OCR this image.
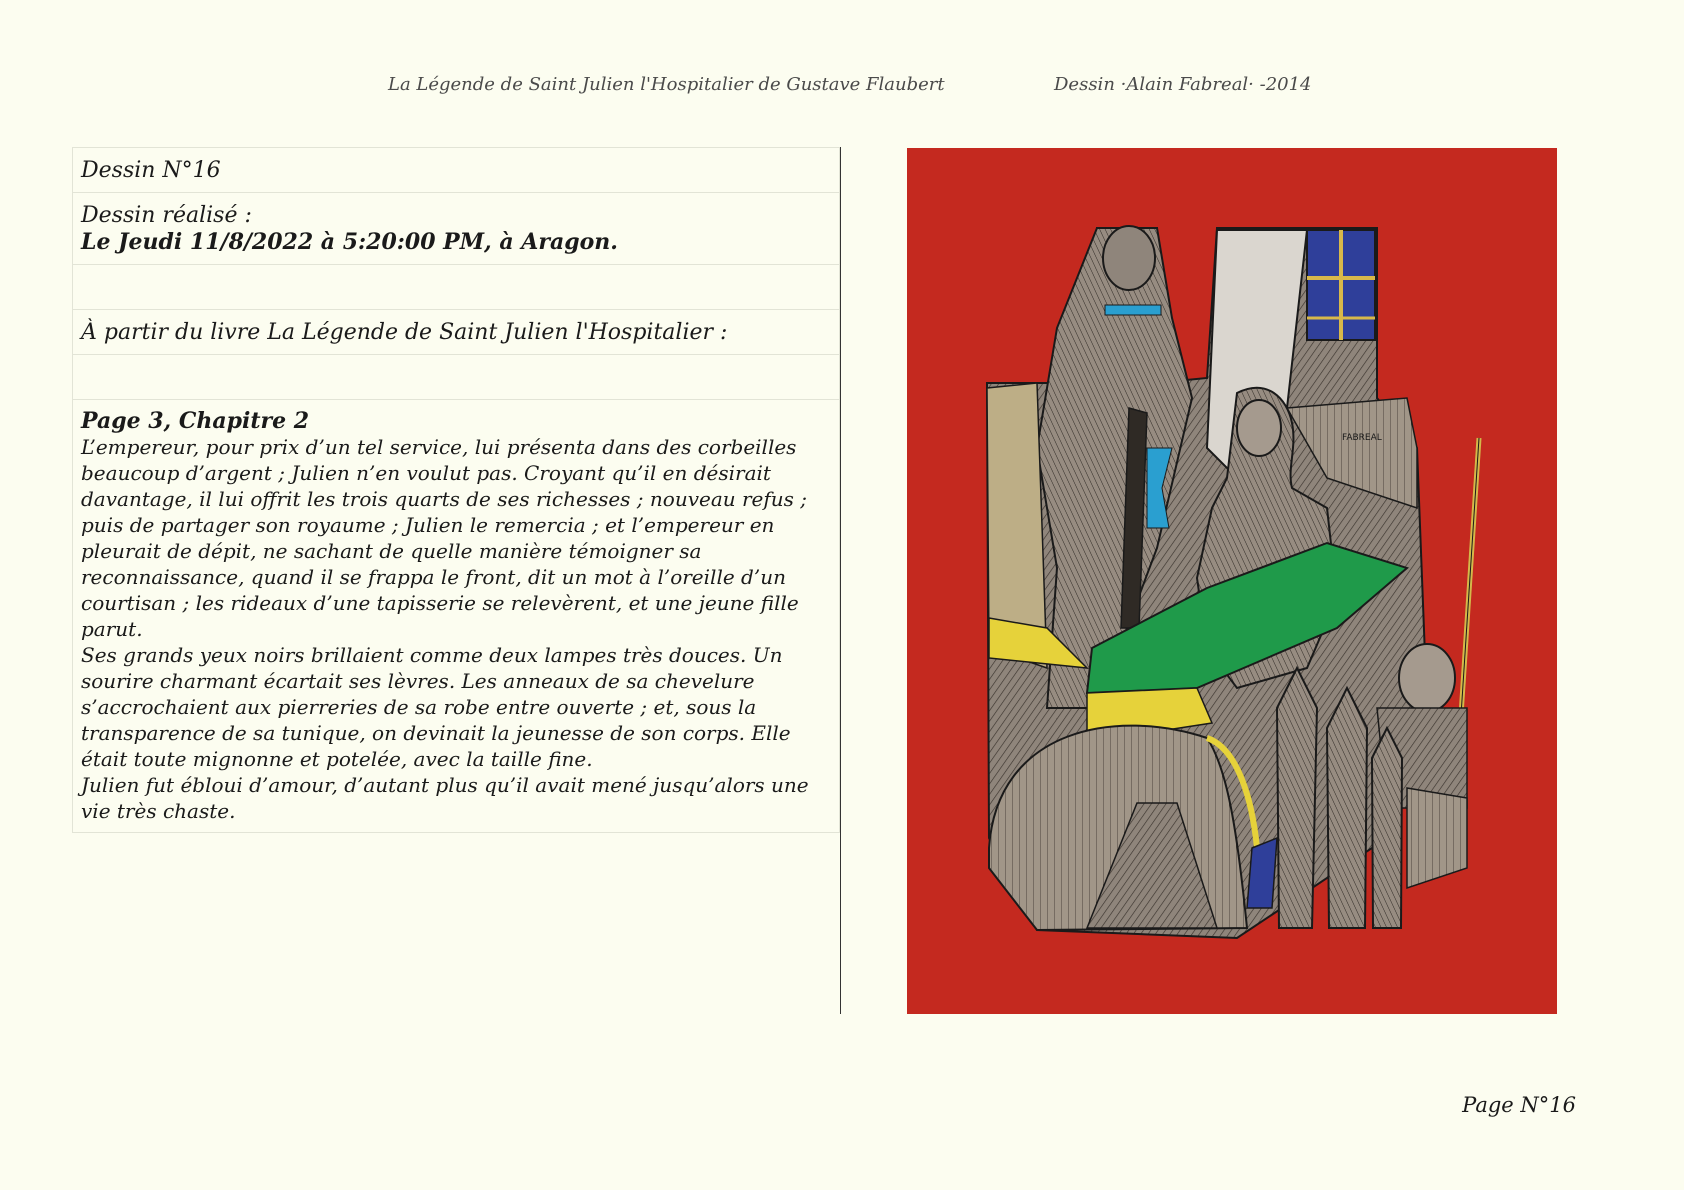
La Légende de Saint Julien l'Hospitalier de Gustave Flaubert	Dessin ·Alain Fabreal· -2014
Dessin N°16
Dessin réalisé :
Le Jeudi 11/8/2022 à 5:20:00 PM, à Aragon.
À partir du livre La Légende de Saint Julien l'Hospitalier :
Page 3, Chapitre 2

L’empereur, pour prix d’un tel service, lui présenta dans des corbeilles beaucoup d’argent ; Julien n’en voulut pas. Croyant qu’il en désirait davantage, il lui offrit les trois quarts de ses richesses ; nouveau refus ; puis de partager son royaume ; Julien le remercia ; et l’empereur en pleurait de dépit, ne sachant de quelle manière témoigner sa reconnaissance, quand il se frappa le front, dit un mot à l’oreille d’un courtisan ; les rideaux d’une tapisserie se relevèrent, et une jeune fille parut.

Ses grands yeux noirs brillaient comme deux lampes très douces. Un sourire charmant écartait ses lèvres. Les anneaux de sa chevelure s’accrochaient aux pierreries de sa robe entre ouverte ; et, sous la transparence de sa tunique, on devinait la jeunesse de son corps. Elle était toute mignonne et potelée, avec la taille fine.

Julien fut ébloui d’amour, d’autant plus qu’il avait mené jusqu’alors une vie très chaste.

FABREAL
Page N°16
